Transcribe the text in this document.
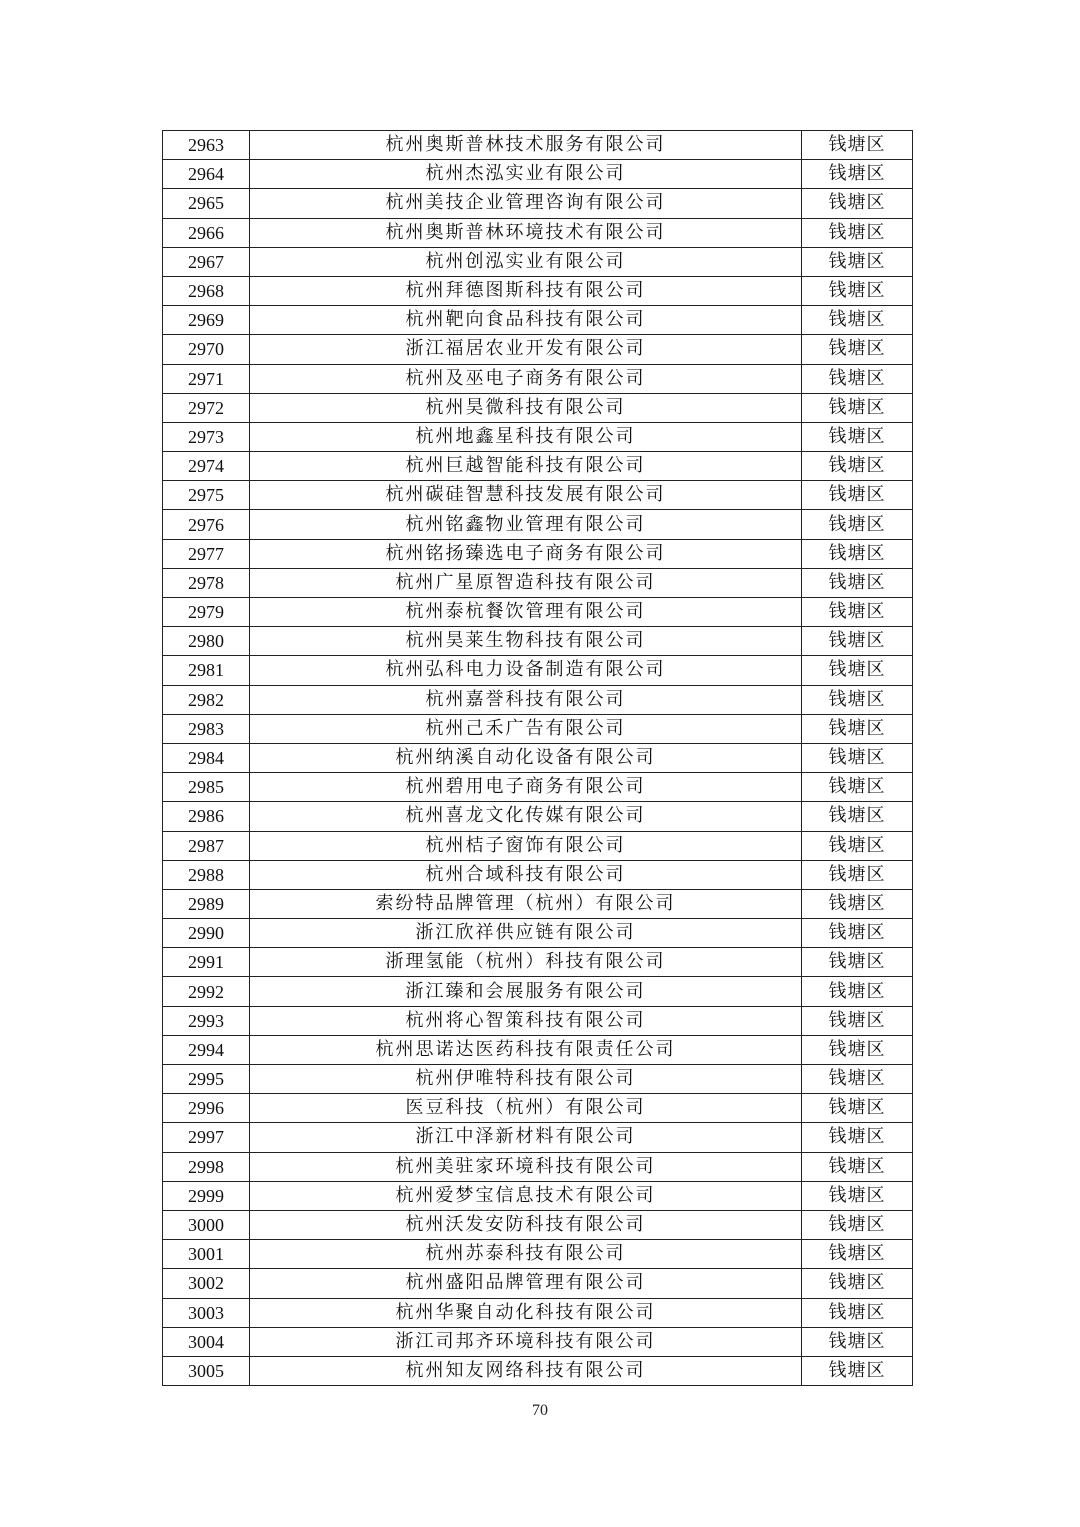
2963	杭州奥斯普林技术服务有限公司	钱塘区
2964	杭州杰泓实业有限公司	钱塘区
2965	杭州美技企业管理咨询有限公司	钱塘区
2966	杭州奥斯普林环境技术有限公司	钱塘区
2967	杭州创泓实业有限公司	钱塘区
2968	杭州拜德图斯科技有限公司	钱塘区
2969	杭州靶向食品科技有限公司	钱塘区
2970	浙江福居农业开发有限公司	钱塘区
2971	杭州及巫电子商务有限公司	钱塘区
2972	杭州昊微科技有限公司	钱塘区
2973	杭州地鑫星科技有限公司	钱塘区
2974	杭州巨越智能科技有限公司	钱塘区
2975	杭州碳硅智慧科技发展有限公司	钱塘区
2976	杭州铭鑫物业管理有限公司	钱塘区
2977	杭州铭扬臻选电子商务有限公司	钱塘区
2978	杭州广星原智造科技有限公司	钱塘区
2979	杭州泰杭餐饮管理有限公司	钱塘区
2980	杭州昊莱生物科技有限公司	钱塘区
2981	杭州弘科电力设备制造有限公司	钱塘区
2982	杭州嘉誉科技有限公司	钱塘区
2983	杭州己禾广告有限公司	钱塘区
2984	杭州纳溪自动化设备有限公司	钱塘区
2985	杭州碧用电子商务有限公司	钱塘区
2986	杭州喜龙文化传媒有限公司	钱塘区
2987	杭州桔子窗饰有限公司	钱塘区
2988	杭州合域科技有限公司	钱塘区
2989	索纷特品牌管理（杭州）有限公司	钱塘区
2990	浙江欣祥供应链有限公司	钱塘区
2991	浙理氢能（杭州）科技有限公司	钱塘区
2992	浙江臻和会展服务有限公司	钱塘区
2993	杭州将心智策科技有限公司	钱塘区
2994	杭州思诺达医药科技有限责任公司	钱塘区
2995	杭州伊唯特科技有限公司	钱塘区
2996	医豆科技（杭州）有限公司	钱塘区
2997	浙江中泽新材料有限公司	钱塘区
2998	杭州美驻家环境科技有限公司	钱塘区
2999	杭州爱梦宝信息技术有限公司	钱塘区
3000	杭州沃发安防科技有限公司	钱塘区
3001	杭州苏泰科技有限公司	钱塘区
3002	杭州盛阳品牌管理有限公司	钱塘区
3003	杭州华聚自动化科技有限公司	钱塘区
3004	浙江司邦齐环境科技有限公司	钱塘区
3005	杭州知友网络科技有限公司	钱塘区
70
